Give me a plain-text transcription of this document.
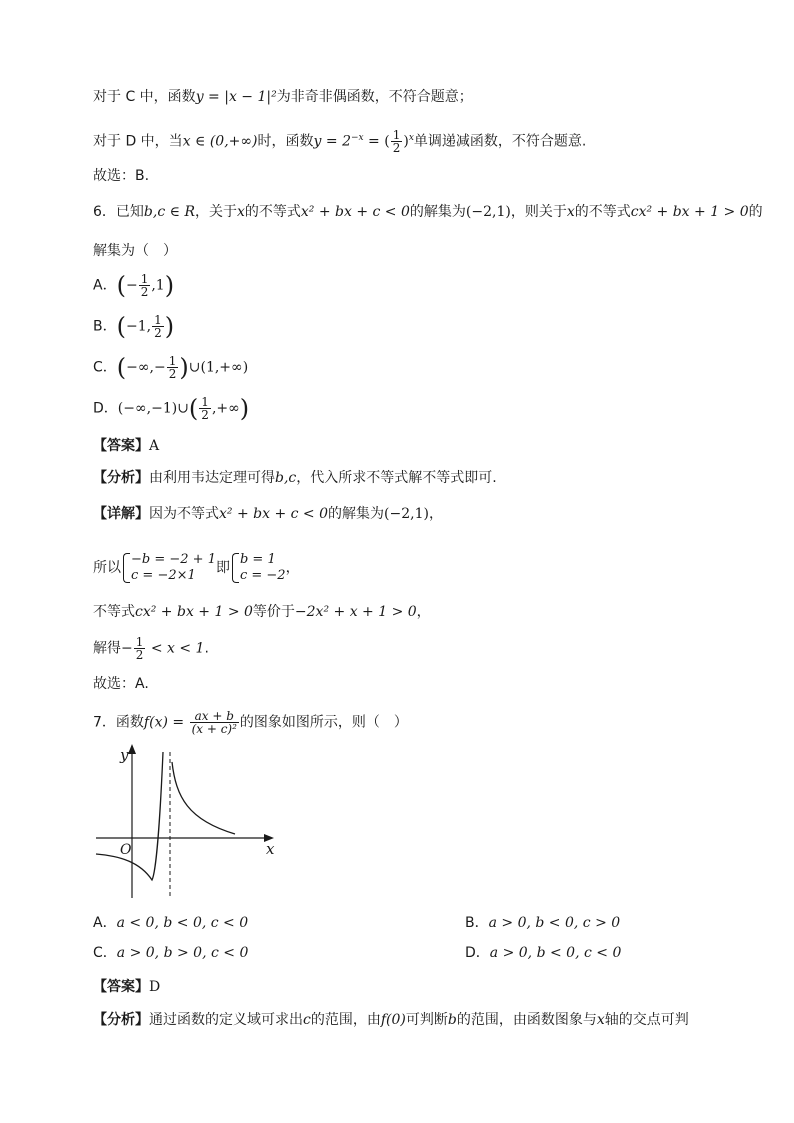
对于 C 中，函数y = |x − 1|²为非奇非偶函数，不符合题意；
对于 D 中，当x ∈ (0,+∞)时，函数$y = 2^{-x}$ = ( $\frac{1}{2} )^x$单调递减函数，不符合题意.
故选：B.
6．已知b,c ∈ R，关于x的不等式x² + bx + c < 0的解集为(−2,1)，则关于x的不等式cx² + bx + 1 > 0的
解集为（　）
A．(− $\frac{1}{2} ,1$)
B．(−1, $\frac{1}{2}$ )
C．(−∞,− $\frac{1}{2}$ )∪(1,+∞)
D．(−∞,−1)∪( $\frac{1}{2}$ ,+∞)
【答案】A
【分析】由利用韦达定理可得b,c，代入所求不等式解不等式即可.
【详解】因为不等式x² + bx + c < 0的解集为(−2,1)，
所以
−b = −2 + 1
c = −2×1	即
b = 1
c = −2 ，
不等式cx² + bx + 1 > 0等价于−2x² + x + 1 > 0，
解得− $\frac{1}{2} < x < 1$.
故选：A.
7．函数$f(x) = \frac{ax + b}{\text{(x + c)²}}$ 的图象如图所示，则（　）
y
x
O
A．a < 0, b < 0, c < 0	B．a > 0, b < 0, c > 0
C．a > 0, b > 0, c < 0	D．a > 0, b < 0, c < 0
【答案】D
【分析】通过函数的定义域可求出c的范围，由f(0)可判断b的范围，由函数图象与x轴的交点可判
